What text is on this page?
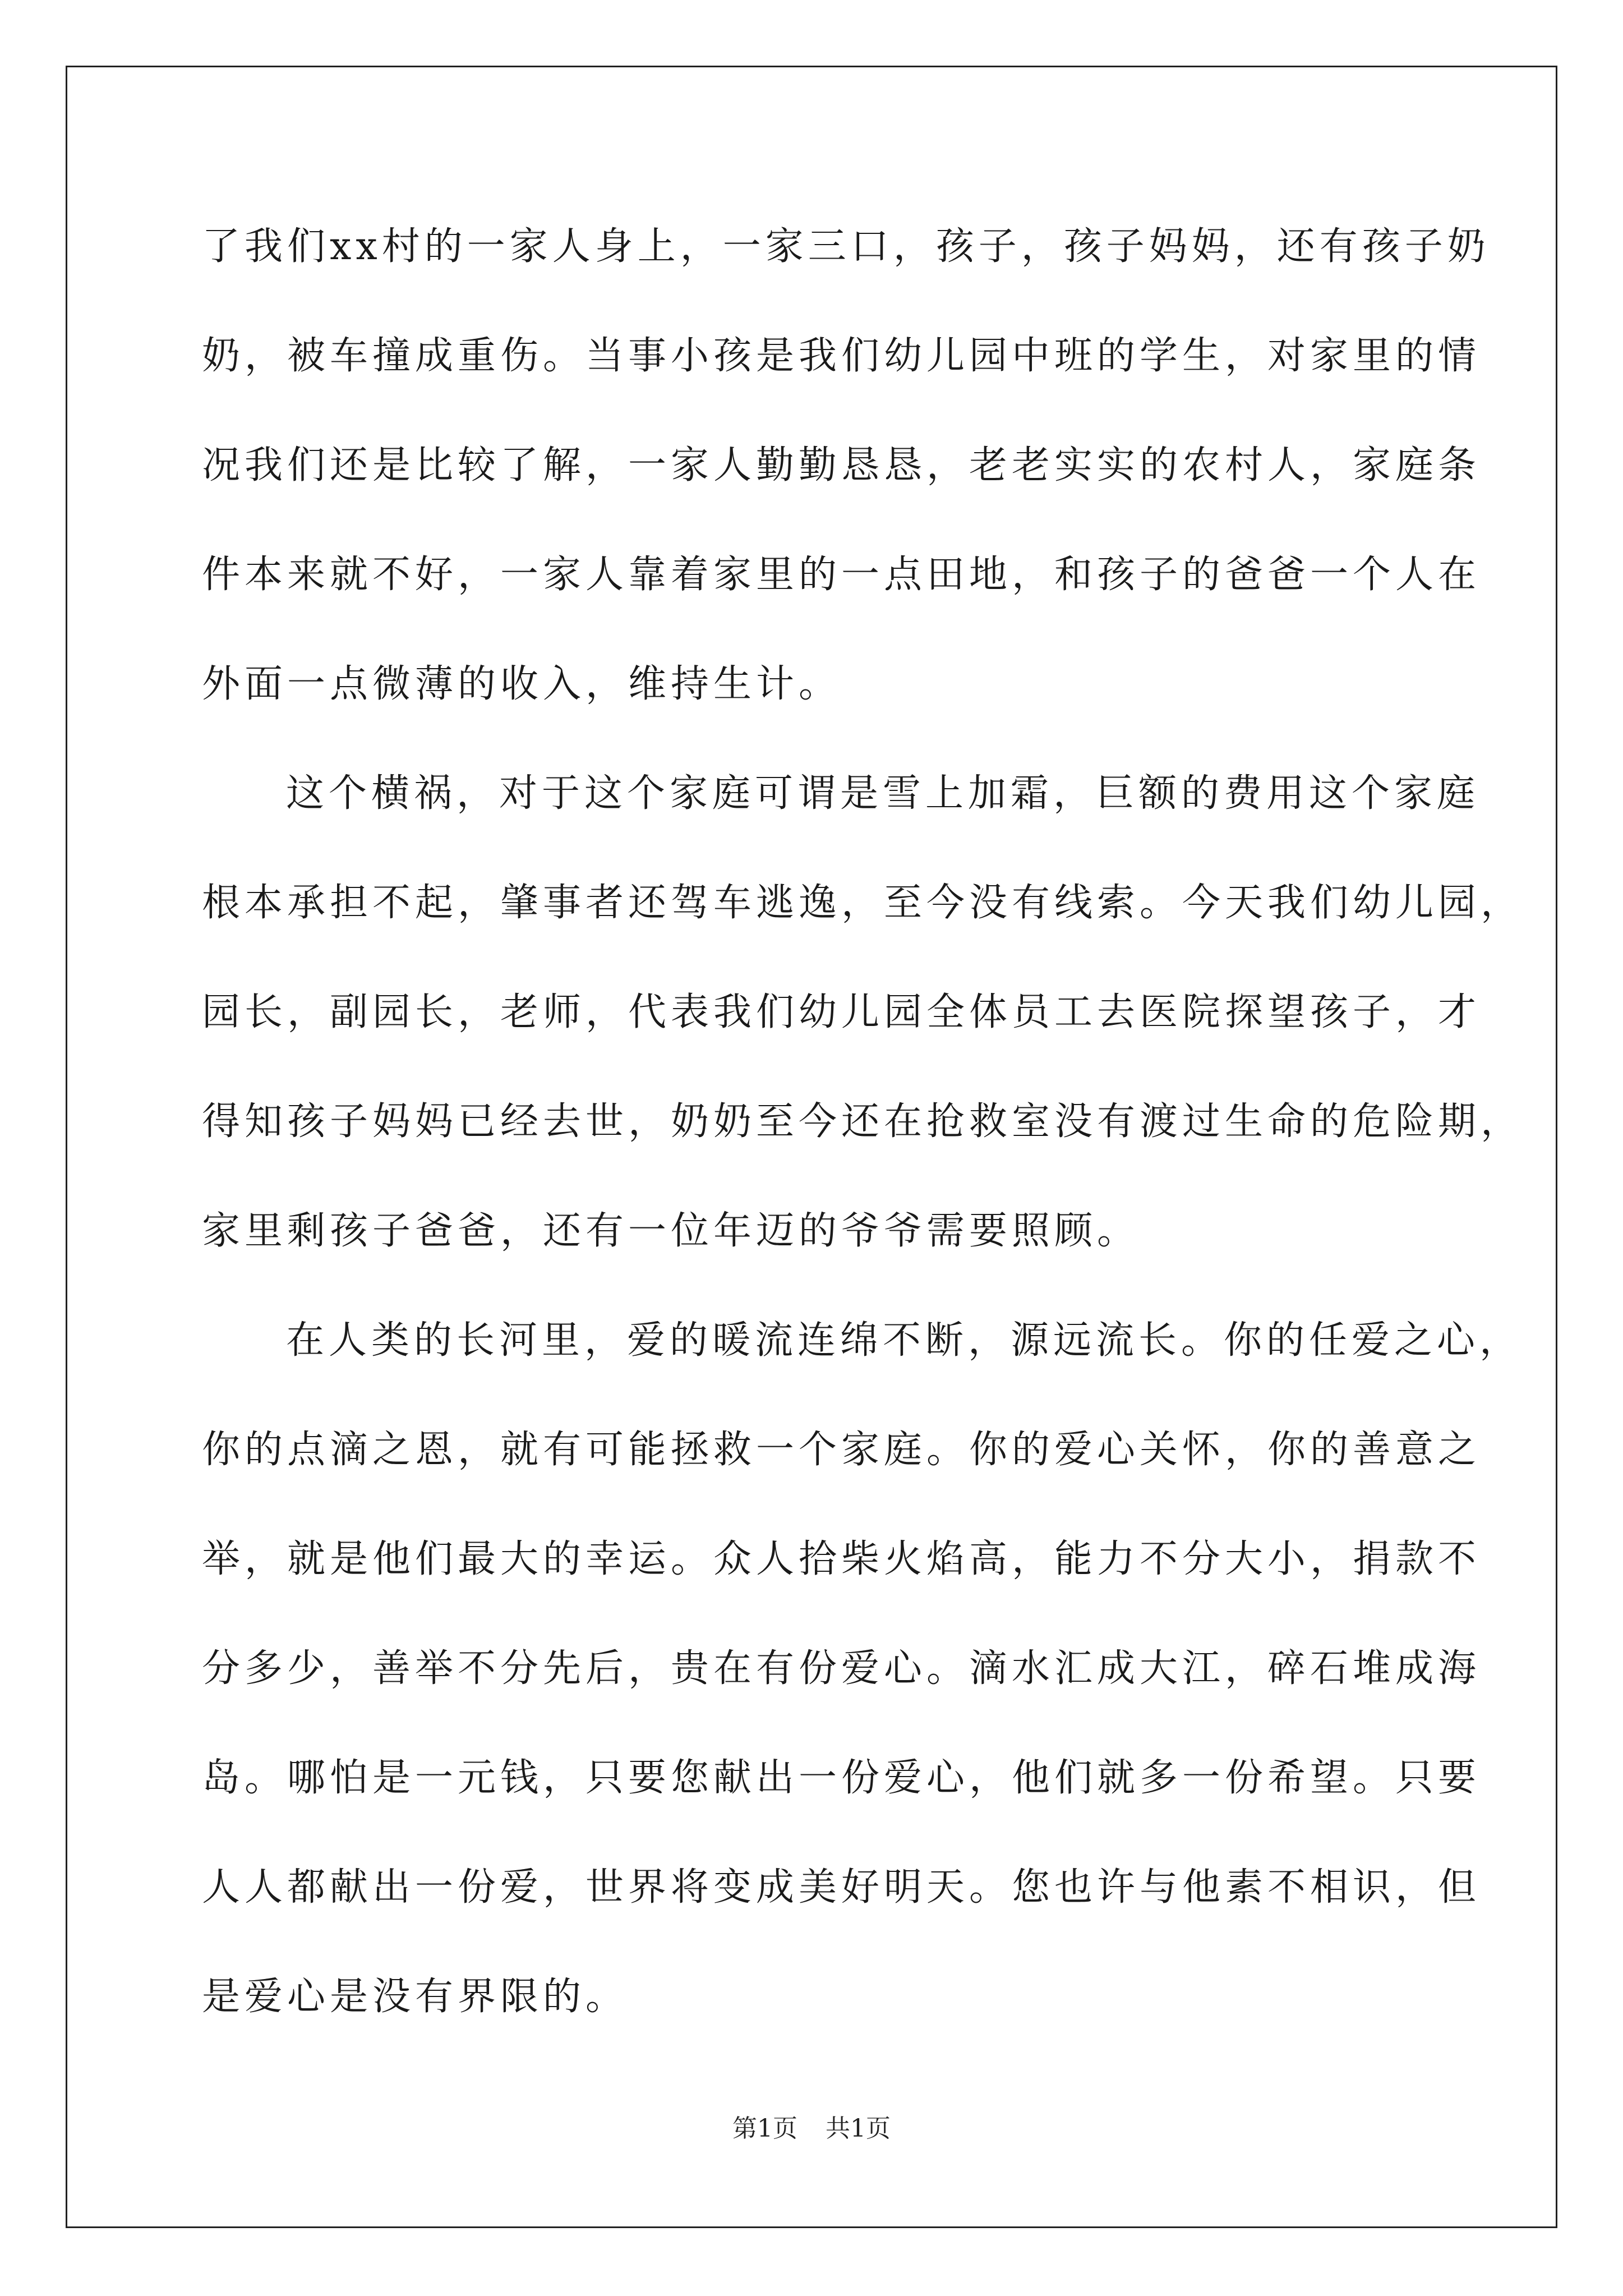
了我们xx村的一家人身上，一家三口，孩子，孩子妈妈，还有孩子奶
奶，被车撞成重伤。当事小孩是我们幼儿园中班的学生，对家里的情
况我们还是比较了解，一家人勤勤恳恳，老老实实的农村人，家庭条
件本来就不好，一家人靠着家里的一点田地，和孩子的爸爸一个人在
外面一点微薄的收入，维持生计。
这个横祸，对于这个家庭可谓是雪上加霜，巨额的费用这个家庭
根本承担不起，肇事者还驾车逃逸，至今没有线索。今天我们幼儿园，
园长，副园长，老师，代表我们幼儿园全体员工去医院探望孩子，才
得知孩子妈妈已经去世，奶奶至今还在抢救室没有渡过生命的危险期，
家里剩孩子爸爸，还有一位年迈的爷爷需要照顾。
在人类的长河里，爱的暖流连绵不断，源远流长。你的任爱之心，
你的点滴之恩，就有可能拯救一个家庭。你的爱心关怀，你的善意之
举，就是他们最大的幸运。众人拾柴火焰高，能力不分大小，捐款不
分多少，善举不分先后，贵在有份爱心。滴水汇成大江，碎石堆成海
岛。哪怕是一元钱，只要您献出一份爱心，他们就多一份希望。只要
人人都献出一份爱，世界将变成美好明天。您也许与他素不相识，但
是爱心是没有界限的。
第1页 共1页
